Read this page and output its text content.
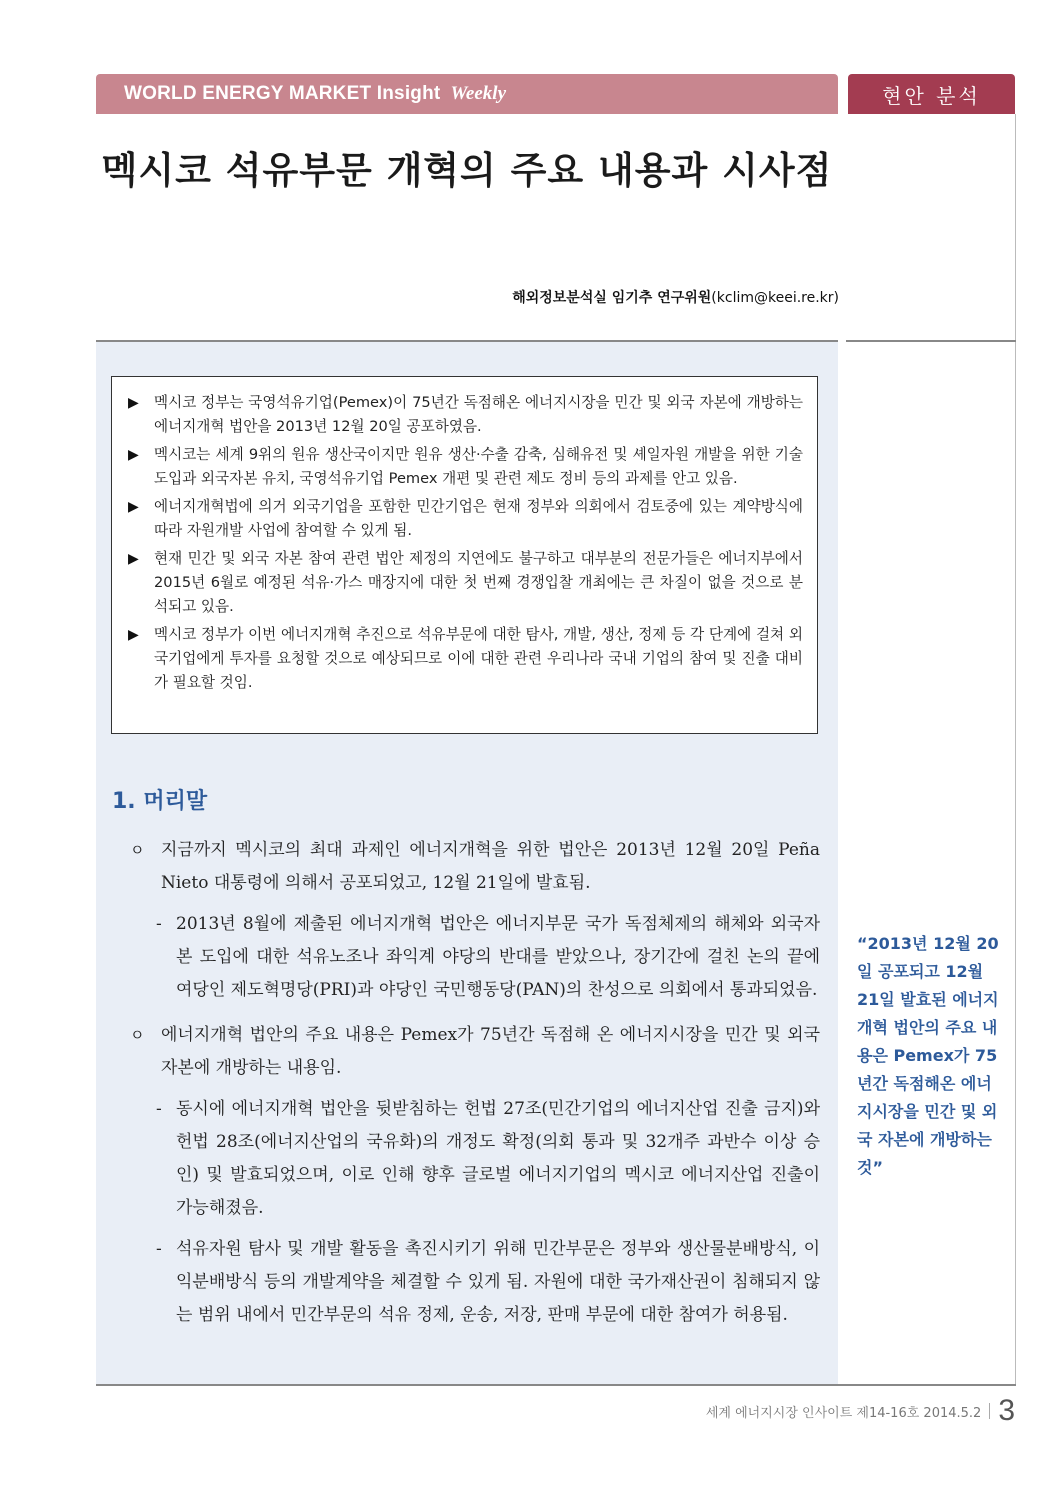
WORLD ENERGY MARKET Insight Weekly	현안 분석
멕시코 석유부문 개혁의 주요 내용과 시사점
해외정보분석실 임기추 연구위원(kclim@keei.re.kr)
▶	멕시코 정부는 국영석유기업(Pemex)이 75년간 독점해온 에너지시장을 민간 및 외국 자본에 개방하는 에너지개혁 법안을 2013년 12월 20일 공포하였음.
▶	멕시코는 세계 9위의 원유 생산국이지만 원유 생산·수출 감축, 심해유전 및 셰일자원 개발을 위한 기술 도입과 외국자본 유치, 국영석유기업 Pemex 개편 및 관련 제도 정비 등의 과제를 안고 있음.
▶	에너지개혁법에 의거 외국기업을 포함한 민간기업은 현재 정부와 의회에서 검토중에 있는 계약방식에 따라 자원개발 사업에 참여할 수 있게 됨.
▶	현재 민간 및 외국 자본 참여 관련 법안 제정의 지연에도 불구하고 대부분의 전문가들은 에너지부에서 2015년 6월로 예정된 석유·가스 매장지에 대한 첫 번째 경쟁입찰 개최에는 큰 차질이 없을 것으로 분석되고 있음.
▶	멕시코 정부가 이번 에너지개혁 추진으로 석유부문에 대한 탐사, 개발, 생산, 정제 등 각 단계에 걸쳐 외국기업에게 투자를 요청할 것으로 예상되므로 이에 대한 관련 우리나라 국내 기업의 참여 및 진출 대비가 필요할 것임.
1. 머리말
ㅇ 지금까지 멕시코의 최대 과제인 에너지개혁을 위한 법안은 2013년 12월 20일 Peña Nieto 대통령에 의해서 공포되었고, 12월 21일에 발효됨.
- 2013년 8월에 제출된 에너지개혁 법안은 에너지부문 국가 독점체제의 해체와 외국자본 도입에 대한 석유노조나 좌익계 야당의 반대를 받았으나, 장기간에 걸친 논의 끝에 여당인 제도혁명당(PRI)과 야당인 국민행동당(PAN)의 찬성으로 의회에서 통과되었음.
ㅇ 에너지개혁 법안의 주요 내용은 Pemex가 75년간 독점해 온 에너지시장을 민간 및 외국자본에 개방하는 내용임.
- 동시에 에너지개혁 법안을 뒷받침하는 헌법 27조(민간기업의 에너지산업 진출 금지)와 헌법 28조(에너지산업의 국유화)의 개정도 확정(의회 통과 및 32개주 과반수 이상 승인) 및 발효되었으며, 이로 인해 향후 글로벌 에너지기업의 멕시코 에너지산업 진출이 가능해졌음.
- 석유자원 탐사 및 개발 활동을 촉진시키기 위해 민간부문은 정부와 생산물분배방식, 이익분배방식 등의 개발계약을 체결할 수 있게 됨. 자원에 대한 국가재산권이 침해되지 않는 범위 내에서 민간부문의 석유 정제, 운송, 저장, 판매 부문에 대한 참여가 허용됨.

“2013년 12월 20일 공포되고 12월 21일 발효된 에너지개혁 법안의 주요 내용은 Pemex가 75년간 독점해온 에너지시장을 민간 및 외국 자본에 개방하는 것”

세계 에너지시장 인사이트 제14-16호 2014.5.2 3
